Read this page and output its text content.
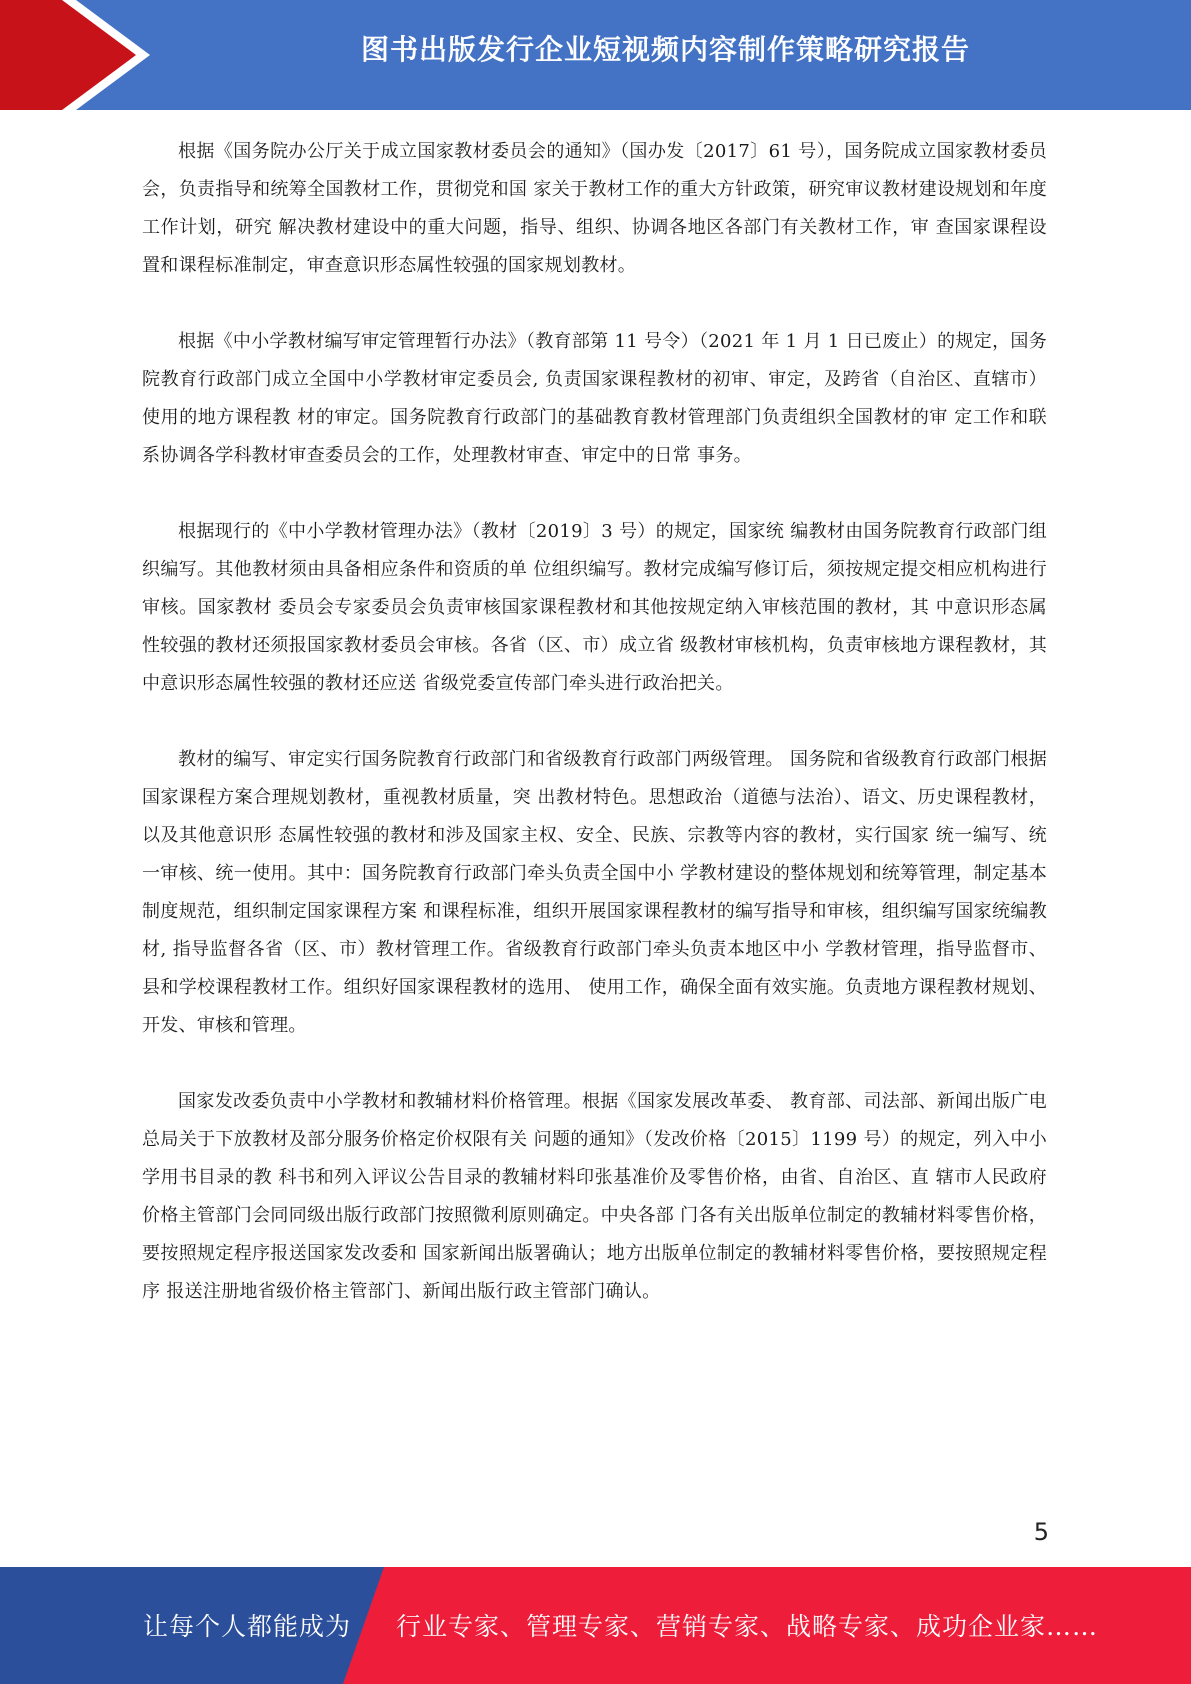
图书出版发行企业短视频内容制作策略研究报告

根据《国务院办公厅关于成立国家教材委员会的通知》（国办发〔2017〕61 号），国务院成立国家教材委员会，负责指导和统筹全国教材工作，贯彻党和国 家关于教材工作的重大方针政策，研究审议教材建设规划和年度工作计划，研究 解决教材建设中的重大问题，指导、组织、协调各地区各部门有关教材工作，审 查国家课程设置和课程标准制定，审查意识形态属性较强的国家规划教材。

根据《中小学教材编写审定管理暂行办法》（教育部第 11 号令）（2021 年 1 月 1 日已废止）的规定，国务院教育行政部门成立全国中小学教材审定委员会, 负责国家课程教材的初审、审定，及跨省（自治区、直辖市）使用的地方课程教 材的审定。国务院教育行政部门的基础教育教材管理部门负责组织全国教材的审 定工作和联系协调各学科教材审查委员会的工作，处理教材审查、审定中的日常 事务。

根据现行的《中小学教材管理办法》（教材〔2019〕3 号）的规定，国家统 编教材由国务院教育行政部门组织编写。其他教材须由具备相应条件和资质的单 位组织编写。教材完成编写修订后，须按规定提交相应机构进行审核。国家教材 委员会专家委员会负责审核国家课程教材和其他按规定纳入审核范围的教材，其 中意识形态属性较强的教材还须报国家教材委员会审核。各省（区、市）成立省 级教材审核机构，负责审核地方课程教材，其中意识形态属性较强的教材还应送 省级党委宣传部门牵头进行政治把关。

教材的编写、审定实行国务院教育行政部门和省级教育行政部门两级管理。 国务院和省级教育行政部门根据国家课程方案合理规划教材，重视教材质量，突 出教材特色。思想政治（道德与法治）、语文、历史课程教材，以及其他意识形 态属性较强的教材和涉及国家主权、安全、民族、宗教等内容的教材，实行国家 统一编写、统一审核、统一使用。其中：国务院教育行政部门牵头负责全国中小 学教材建设的整体规划和统筹管理，制定基本制度规范，组织制定国家课程方案 和课程标准，组织开展国家课程教材的编写指导和审核，组织编写国家统编教材, 指导监督各省（区、市）教材管理工作。省级教育行政部门牵头负责本地区中小 学教材管理，指导监督市、县和学校课程教材工作。组织好国家课程教材的选用、 使用工作，确保全面有效实施。负责地方课程教材规划、开发、审核和管理。

国家发改委负责中小学教材和教辅材料价格管理。根据《国家发展改革委、 教育部、司法部、新闻出版广电总局关于下放教材及部分服务价格定价权限有关 问题的通知》（发改价格〔2015〕1199 号）的规定，列入中小学用书目录的教 科书和列入评议公告目录的教辅材料印张基准价及零售价格，由省、自治区、直 辖市人民政府价格主管部门会同同级出版行政部门按照微利原则确定。中央各部 门各有关出版单位制定的教辅材料零售价格，要按照规定程序报送国家发改委和 国家新闻出版署确认；地方出版单位制定的教辅材料零售价格，要按照规定程序 报送注册地省级价格主管部门、新闻出版行政主管部门确认。

5
让每个人都能成为 行业专家、管理专家、营销专家、战略专家、成功企业家……
